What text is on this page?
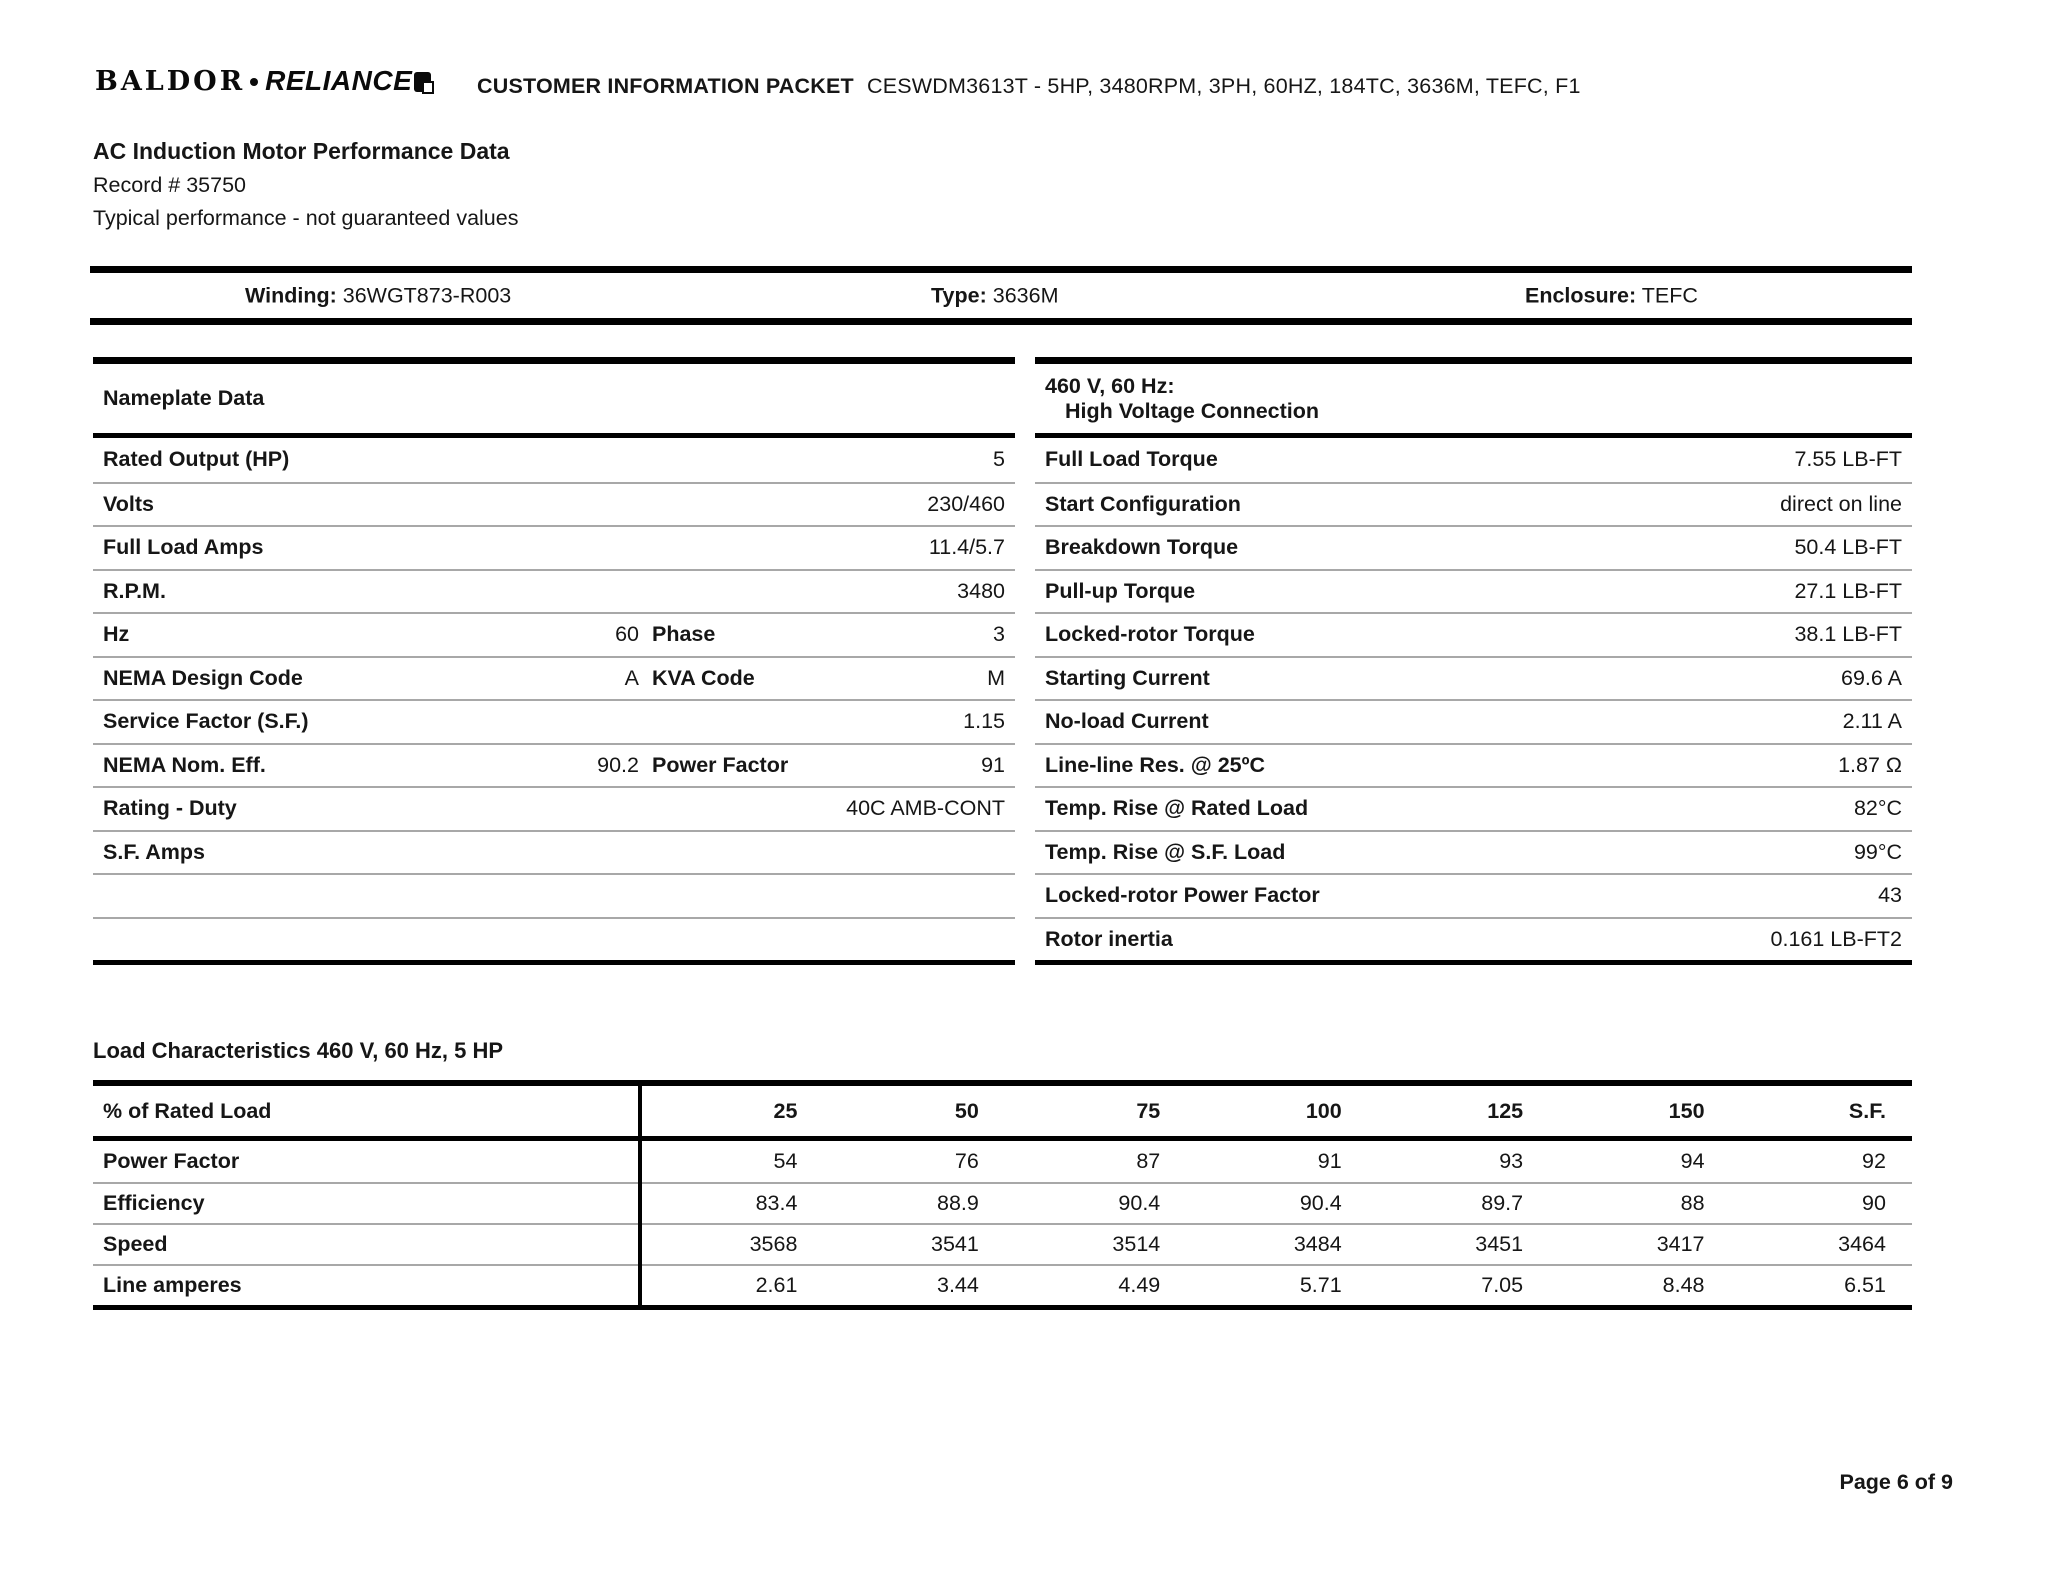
BALDOR RELIANCE	CUSTOMER INFORMATION PACKET CESWDM3613T - 5HP, 3480RPM, 3PH, 60HZ, 184TC, 3636M, TEFC, F1
AC Induction Motor Performance Data
Record # 35750
Typical performance - not guaranteed values
Winding: 36WGT873-R003	Type: 3636M	Enclosure: TEFC
Nameplate Data
Rated Output (HP)	5
Volts	230/460
Full Load Amps	11.4/5.7
R.P.M.	3480
Hz	60 Phase	3
NEMA Design Code	A KVA Code	M
Service Factor (S.F.)	1.15
NEMA Nom. Eff.	90.2 Power Factor	91
Rating - Duty	40C AMB-CONT
S.F. Amps
460 V, 60 Hz:
High Voltage Connection
Full Load Torque	7.55 LB-FT
Start Configuration	direct on line
Breakdown Torque	50.4 LB-FT
Pull-up Torque	27.1 LB-FT
Locked-rotor Torque	38.1 LB-FT
Starting Current	69.6 A
No-load Current	2.11 A
Line-line Res. @ 25ºC	1.87 Ω
Temp. Rise @ Rated Load	82°C
Temp. Rise @ S.F. Load	99°C
Locked-rotor Power Factor	43
Rotor inertia	0.161 LB-FT2
Load Characteristics 460 V, 60 Hz, 5 HP
% of Rated Load	25	50	75	100	125	150	S.F.
Power Factor	54	76	87	91	93	94	92
Efficiency	83.4	88.9	90.4	90.4	89.7	88	90
Speed	3568	3541	3514	3484	3451	3417	3464
Line amperes	2.61	3.44	4.49	5.71	7.05	8.48	6.51
Page 6 of 9
